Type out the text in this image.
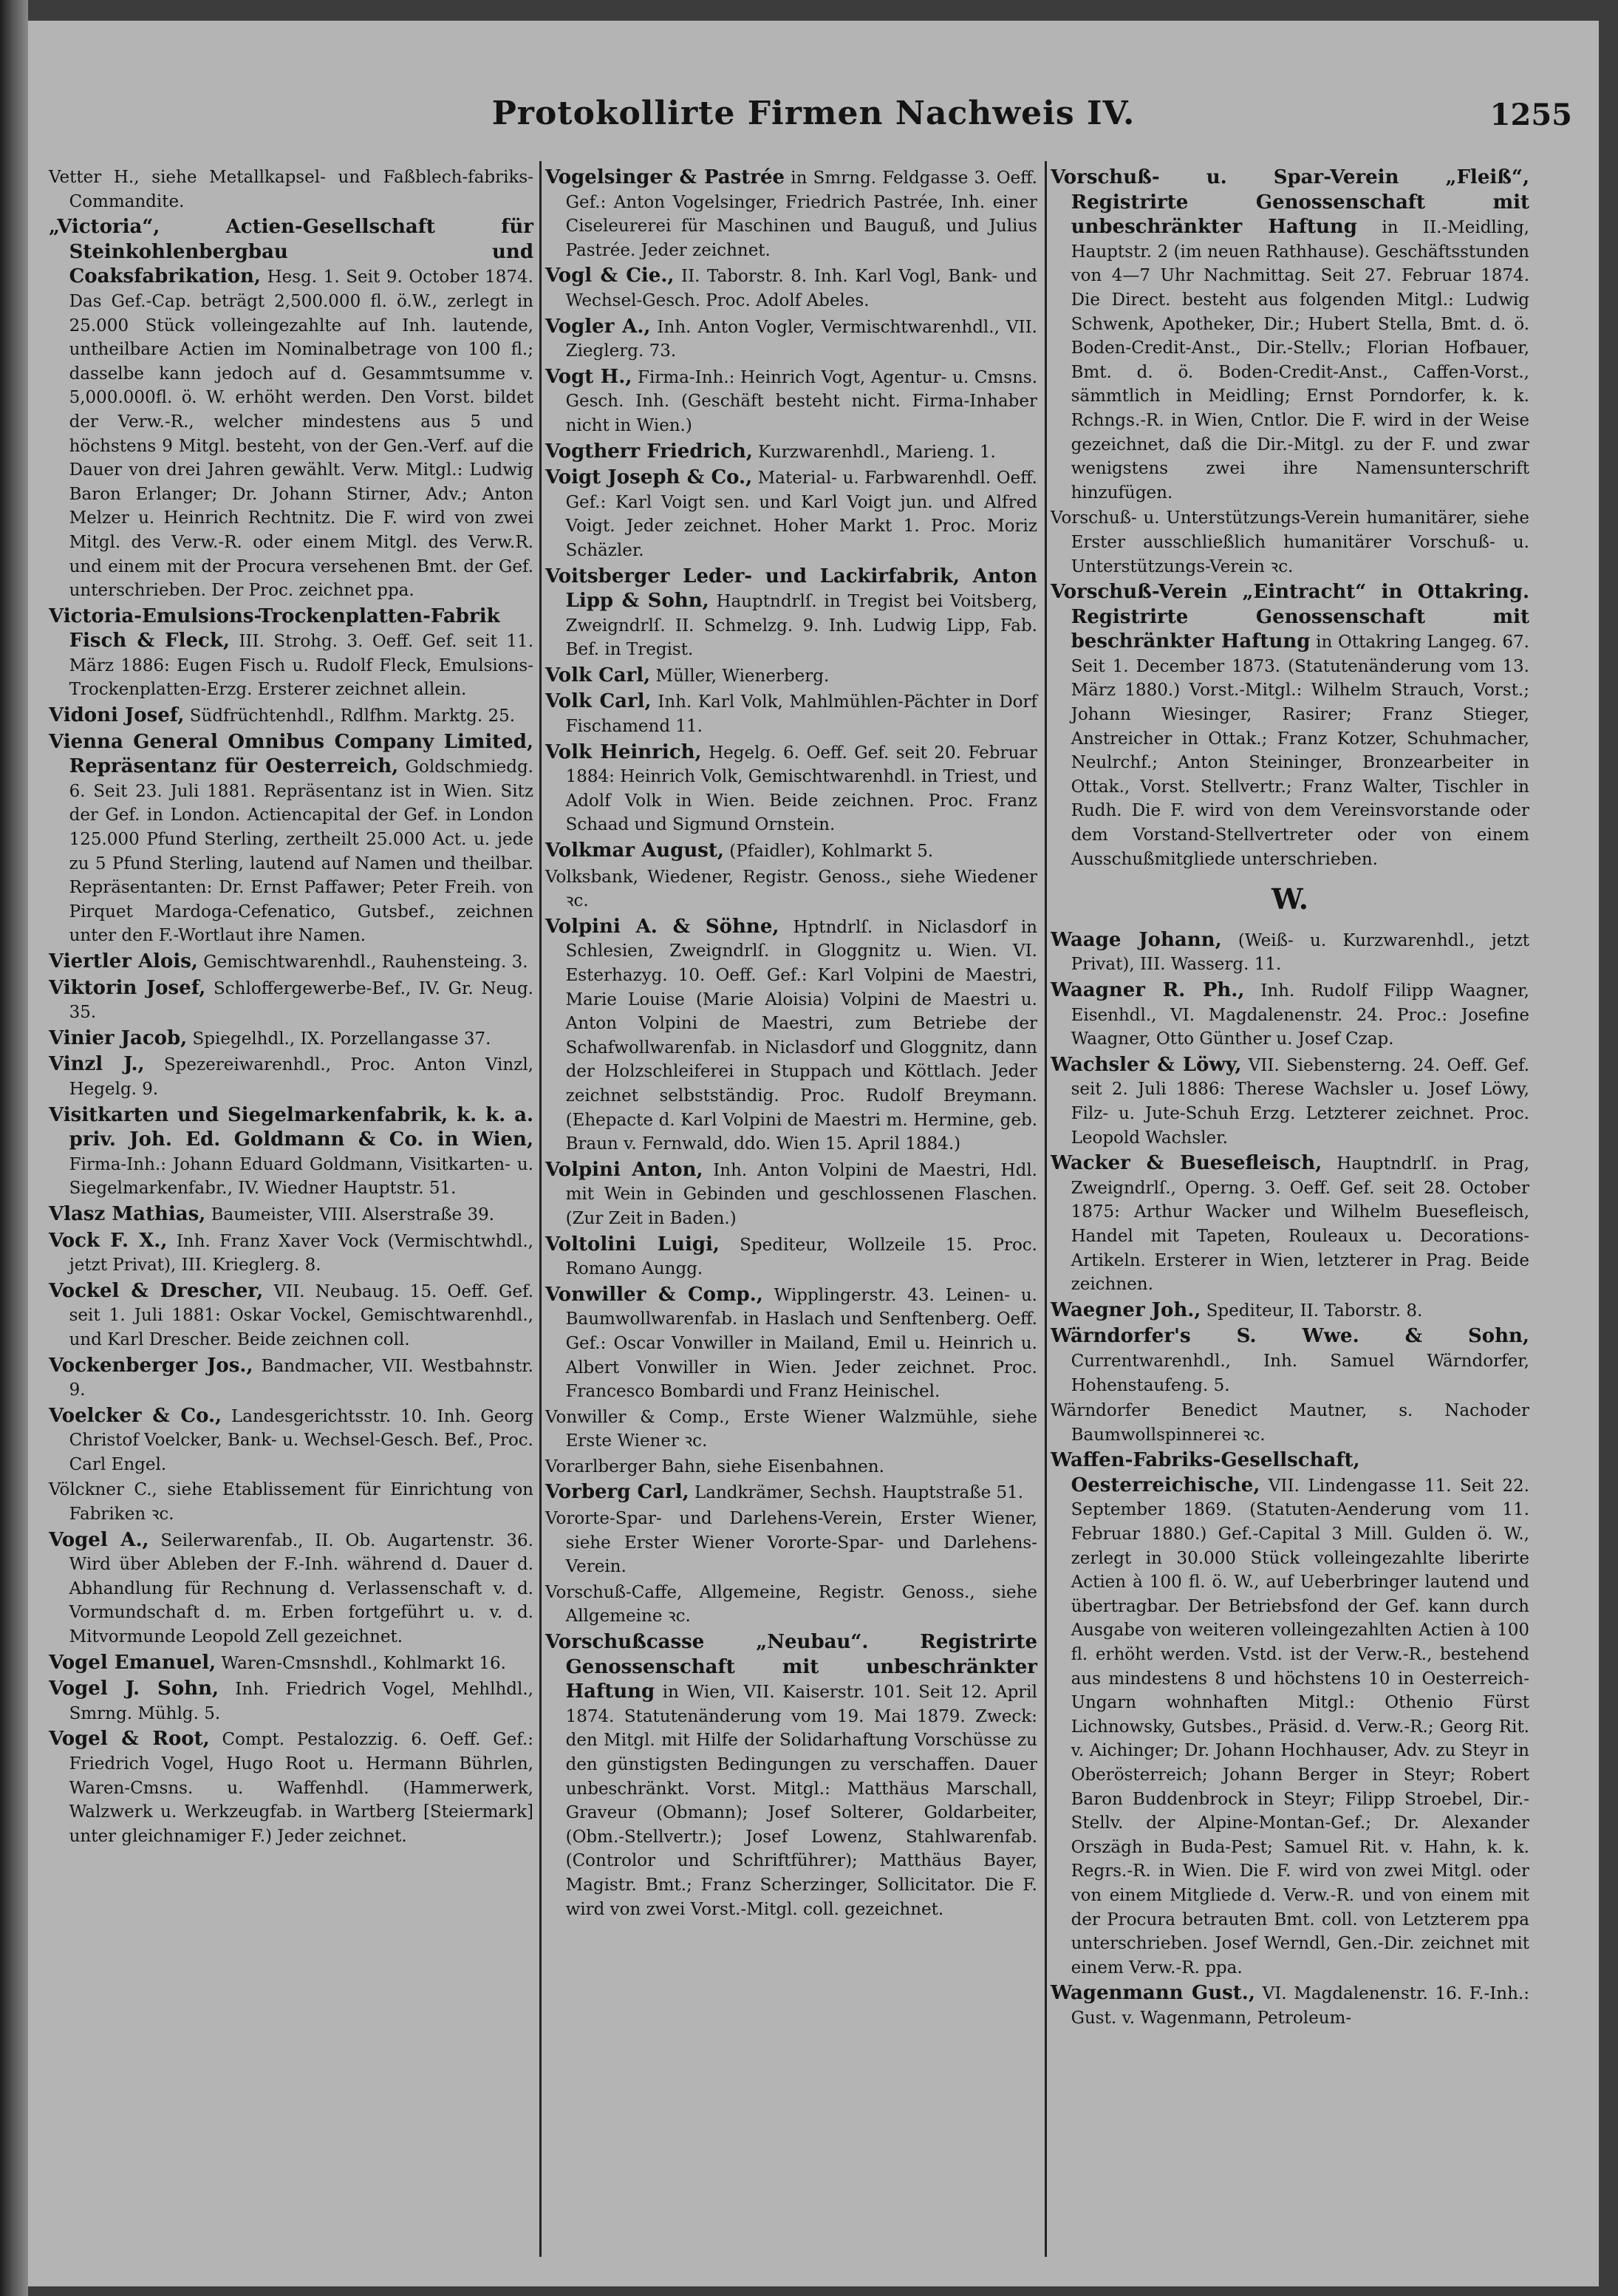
Protokollirte Firmen Nachweis IV.	1255
Vetter H., siehe Metallkapsel- und Faßblech-fabriks-Commandite.
„Victoria“, Actien-Gesellschaft für Steinkohlenbergbau und Coaksfabrikation, Hesg. 1. Seit 9. October 1874. Das Gef.-Cap. beträgt 2,500.000 fl. ö.W., zerlegt in 25.000 Stück volleingezahlte auf Inh. lautende, untheilbare Actien im Nominalbetrage von 100 fl.; dasselbe kann jedoch auf d. Gesammtsumme v. 5,000.000fl. ö. W. erhöht werden. Den Vorst. bildet der Verw.-R., welcher mindestens aus 5 und höchstens 9 Mitgl. besteht, von der Gen.-Verf. auf die Dauer von drei Jahren gewählt. Verw. Mitgl.: Ludwig Baron Erlanger; Dr. Johann Stirner, Adv.; Anton Melzer u. Heinrich Rechtnitz. Die F. wird von zwei Mitgl. des Verw.-R. oder einem Mitgl. des Verw.R. und einem mit der Procura versehenen Bmt. der Gef. unterschrieben. Der Proc. zeichnet ppa.
Victoria-Emulsions-Trockenplatten-Fabrik Fisch & Fleck, III. Strohg. 3. Oeff. Gef. seit 11. März 1886: Eugen Fisch u. Rudolf Fleck, Emulsions-Trockenplatten-Erzg. Ersterer zeichnet allein.
Vidoni Josef, Südfrüchtenhdl., Rdlfhm. Marktg. 25.
Vienna General Omnibus Company Limited, Repräsentanz für Oesterreich, Goldschmiedg. 6. Seit 23. Juli 1881. Repräsentanz ist in Wien. Sitz der Gef. in London. Actiencapital der Gef. in London 125.000 Pfund Sterling, zertheilt 25.000 Act. u. jede zu 5 Pfund Sterling, lautend auf Namen und theilbar. Repräsentanten: Dr. Ernst Paffawer; Peter Freih. von Pirquet Mardoga-Cefenatico, Gutsbef., zeichnen unter den F.-Wortlaut ihre Namen.
Viertler Alois, Gemischtwarenhdl., Rauhensteing. 3.
Viktorin Josef, Schloffergewerbe-Bef., IV. Gr. Neug. 35.
Vinier Jacob, Spiegelhdl., IX. Porzellangasse 37.
Vinzl J., Spezereiwarenhdl., Proc. Anton Vinzl, Hegelg. 9.
Visitkarten und Siegelmarkenfabrik, k. k. a. priv. Joh. Ed. Goldmann & Co. in Wien, Firma-Inh.: Johann Eduard Goldmann, Visitkarten- u. Siegelmarkenfabr., IV. Wiedner Hauptstr. 51.
Vlasz Mathias, Baumeister, VIII. Alserstraße 39.
Vock F. X., Inh. Franz Xaver Vock (Vermischtwhdl., jetzt Privat), III. Krieglerg. 8.
Vockel & Drescher, VII. Neubaug. 15. Oeff. Gef. seit 1. Juli 1881: Oskar Vockel, Gemischtwarenhdl., und Karl Drescher. Beide zeichnen coll.
Vockenberger Jos., Bandmacher, VII. Westbahnstr. 9.
Voelcker & Co., Landesgerichtsstr. 10. Inh. Georg Christof Voelcker, Bank- u. Wechsel-Gesch. Bef., Proc. Carl Engel.
Völckner C., siehe Etablissement für Einrichtung von Fabriken ꝛc.
Vogel A., Seilerwarenfab., II. Ob. Augartenstr. 36. Wird über Ableben der F.-Inh. während d. Dauer d. Abhandlung für Rechnung d. Verlassenschaft v. d. Vormundschaft d. m. Erben fortgeführt u. v. d. Mitvormunde Leopold Zell gezeichnet.
Vogel Emanuel, Waren-Cmsnshdl., Kohlmarkt 16.
Vogel J. Sohn, Inh. Friedrich Vogel, Mehlhdl., Smrng. Mühlg. 5.
Vogel & Root, Compt. Pestalozzig. 6. Oeff. Gef.: Friedrich Vogel, Hugo Root u. Hermann Bührlen, Waren-Cmsns. u. Waffenhdl. (Hammerwerk, Walzwerk u. Werkzeugfab. in Wartberg [Steiermark] unter gleichnamiger F.) Jeder zeichnet.
Vogelsinger & Pastrée in Smrng. Feldgasse 3. Oeff. Gef.: Anton Vogelsinger, Friedrich Pastrée, Inh. einer Ciseleurerei für Maschinen und Bauguß, und Julius Pastrée. Jeder zeichnet.
Vogl & Cie., II. Taborstr. 8. Inh. Karl Vogl, Bank- und Wechsel-Gesch. Proc. Adolf Abeles.
Vogler A., Inh. Anton Vogler, Vermischtwarenhdl., VII. Zieglerg. 73.
Vogt H., Firma-Inh.: Heinrich Vogt, Agentur- u. Cmsns. Gesch. Inh. (Geschäft besteht nicht. Firma-Inhaber nicht in Wien.)
Vogtherr Friedrich, Kurzwarenhdl., Marieng. 1.
Voigt Joseph & Co., Material- u. Farbwarenhdl. Oeff. Gef.: Karl Voigt sen. und Karl Voigt jun. und Alfred Voigt. Jeder zeichnet. Hoher Markt 1. Proc. Moriz Schäzler.
Voitsberger Leder- und Lackirfabrik, Anton Lipp & Sohn, Hauptndrlſ. in Tregist bei Voitsberg, Zweigndrlſ. II. Schmelzg. 9. Inh. Ludwig Lipp, Fab. Bef. in Tregist.
Volk Carl, Müller, Wienerberg.
Volk Carl, Inh. Karl Volk, Mahlmühlen-Pächter in Dorf Fischamend 11.
Volk Heinrich, Hegelg. 6. Oeff. Gef. seit 20. Februar 1884: Heinrich Volk, Gemischtwarenhdl. in Triest, und Adolf Volk in Wien. Beide zeichnen. Proc. Franz Schaad und Sigmund Ornstein.
Volkmar August, (Pfaidler), Kohlmarkt 5.
Volksbank, Wiedener, Registr. Genoss., siehe Wiedener ꝛc.
Volpini A. & Söhne, Hptndrlſ. in Niclasdorf in Schlesien, Zweigndrlſ. in Gloggnitz u. Wien. VI. Esterhazyg. 10. Oeff. Gef.: Karl Volpini de Maestri, Marie Louise (Marie Aloisia) Volpini de Maestri u. Anton Volpini de Maestri, zum Betriebe der Schafwollwarenfab. in Niclasdorf und Gloggnitz, dann der Holzschleiferei in Stuppach und Köttlach. Jeder zeichnet selbstständig. Proc. Rudolf Breymann. (Ehepacte d. Karl Volpini de Maestri m. Hermine, geb. Braun v. Fernwald, ddo. Wien 15. April 1884.)
Volpini Anton, Inh. Anton Volpini de Maestri, Hdl. mit Wein in Gebinden und geschlossenen Flaschen. (Zur Zeit in Baden.)
Voltolini Luigi, Spediteur, Wollzeile 15. Proc. Romano Aungg.
Vonwiller & Comp., Wipplingerstr. 43. Leinen- u. Baumwollwarenfab. in Haslach und Senftenberg. Oeff. Gef.: Oscar Vonwiller in Mailand, Emil u. Heinrich u. Albert Vonwiller in Wien. Jeder zeichnet. Proc. Francesco Bombardi und Franz Heinischel.
Vonwiller & Comp., Erste Wiener Walzmühle, siehe Erste Wiener ꝛc.
Vorarlberger Bahn, siehe Eisenbahnen.
Vorberg Carl, Landkrämer, Sechsh. Hauptstraße 51.
Vororte-Spar- und Darlehens-Verein, Erster Wiener, siehe Erster Wiener Vororte-Spar- und Darlehens-Verein.
Vorschuß-Caffe, Allgemeine, Registr. Genoss., siehe Allgemeine ꝛc.
Vorschußcasse „Neubau“. Registrirte Genossenschaft mit unbeschränkter Haftung in Wien, VII. Kaiserstr. 101. Seit 12. April 1874. Statutenänderung vom 19. Mai 1879. Zweck: den Mitgl. mit Hilfe der Solidarhaftung Vorschüsse zu den günstigsten Bedingungen zu verschaffen. Dauer unbeschränkt. Vorst. Mitgl.: Matthäus Marschall, Graveur (Obmann); Josef Solterer, Goldarbeiter, (Obm.-Stellvertr.); Josef Lowenz, Stahlwarenfab. (Controlor und Schriftführer); Matthäus Bayer, Magistr. Bmt.; Franz Scherzinger, Sollicitator. Die F. wird von zwei Vorst.-Mitgl. coll. gezeichnet.
Vorschuß- u. Spar-Verein „Fleiß“, Registrirte Genossenschaft mit unbeschränkter Haftung in II.-Meidling, Hauptstr. 2 (im neuen Rathhause). Geschäftsstunden von 4—7 Uhr Nachmittag. Seit 27. Februar 1874. Die Direct. besteht aus folgenden Mitgl.: Ludwig Schwenk, Apotheker, Dir.; Hubert Stella, Bmt. d. ö. Boden-Credit-Anst., Dir.-Stellv.; Florian Hofbauer, Bmt. d. ö. Boden-Credit-Anst., Caffen-Vorst., sämmtlich in Meidling; Ernst Porndorfer, k. k. Rchngs.-R. in Wien, Cntlor. Die F. wird in der Weise gezeichnet, daß die Dir.-Mitgl. zu der F. und zwar wenigstens zwei ihre Namensunterschrift hinzufügen.
Vorschuß- u. Unterstützungs-Verein humanitärer, siehe Erster ausschließlich humanitärer Vorschuß- u. Unterstützungs-Verein ꝛc.
Vorschuß-Verein „Eintracht“ in Ottakring. Registrirte Genossenschaft mit beschränkter Haftung in Ottakring Langeg. 67. Seit 1. December 1873. (Statutenänderung vom 13. März 1880.) Vorst.-Mitgl.: Wilhelm Strauch, Vorst.; Johann Wiesinger, Rasirer; Franz Stieger, Anstreicher in Ottak.; Franz Kotzer, Schuhmacher, Neulrchf.; Anton Steininger, Bronzearbeiter in Ottak., Vorst. Stellvertr.; Franz Walter, Tischler in Rudh. Die F. wird von dem Vereinsvorstande oder dem Vorstand-Stellvertreter oder von einem Ausschußmitgliede unterschrieben.
W.
Waage Johann, (Weiß- u. Kurzwarenhdl., jetzt Privat), III. Wasserg. 11.
Waagner R. Ph., Inh. Rudolf Filipp Waagner, Eisenhdl., VI. Magdalenenstr. 24. Proc.: Josefine Waagner, Otto Günther u. Josef Czap.
Wachsler & Löwy, VII. Siebensterng. 24. Oeff. Gef. seit 2. Juli 1886: Therese Wachsler u. Josef Löwy, Filz- u. Jute-Schuh Erzg. Letzterer zeichnet. Proc. Leopold Wachsler.
Wacker & Buesefleisch, Hauptndrlſ. in Prag, Zweigndrlſ., Operng. 3. Oeff. Gef. seit 28. October 1875: Arthur Wacker und Wilhelm Buesefleisch, Handel mit Tapeten, Rouleaux u. Decorations-Artikeln. Ersterer in Wien, letzterer in Prag. Beide zeichnen.
Waegner Joh., Spediteur, II. Taborstr. 8.
Wärndorfer's S. Wwe. & Sohn, Currentwarenhdl., Inh. Samuel Wärndorfer, Hohenstaufeng. 5.
Wärndorfer Benedict Mautner, s. Nachoder Baumwollspinnerei ꝛc.
Waffen-Fabriks-Gesellschaft, Oesterreichische, VII. Lindengasse 11. Seit 22. September 1869. (Statuten-Aenderung vom 11. Februar 1880.) Gef.-Capital 3 Mill. Gulden ö. W., zerlegt in 30.000 Stück volleingezahlte liberirte Actien à 100 fl. ö. W., auf Ueberbringer lautend und übertragbar. Der Betriebsfond der Gef. kann durch Ausgabe von weiteren volleingezahlten Actien à 100 fl. erhöht werden. Vstd. ist der Verw.-R., bestehend aus mindestens 8 und höchstens 10 in Oesterreich-Ungarn wohnhaften Mitgl.: Othenio Fürst Lichnowsky, Gutsbes., Präsid. d. Verw.-R.; Georg Rit. v. Aichinger; Dr. Johann Hochhauser, Adv. zu Steyr in Oberösterreich; Johann Berger in Steyr; Robert Baron Buddenbrock in Steyr; Filipp Stroebel, Dir.-Stellv. der Alpine-Montan-Gef.; Dr. Alexander Orszägh in Buda-Pest; Samuel Rit. v. Hahn, k. k. Regrs.-R. in Wien. Die F. wird von zwei Mitgl. oder von einem Mitgliede d. Verw.-R. und von einem mit der Procura betrauten Bmt. coll. von Letzterem ppa unterschrieben. Josef Werndl, Gen.-Dir. zeichnet mit einem Verw.-R. ppa.
Wagenmann Gust., VI. Magdalenenstr. 16. F.-Inh.: Gust. v. Wagenmann, Petroleum-
